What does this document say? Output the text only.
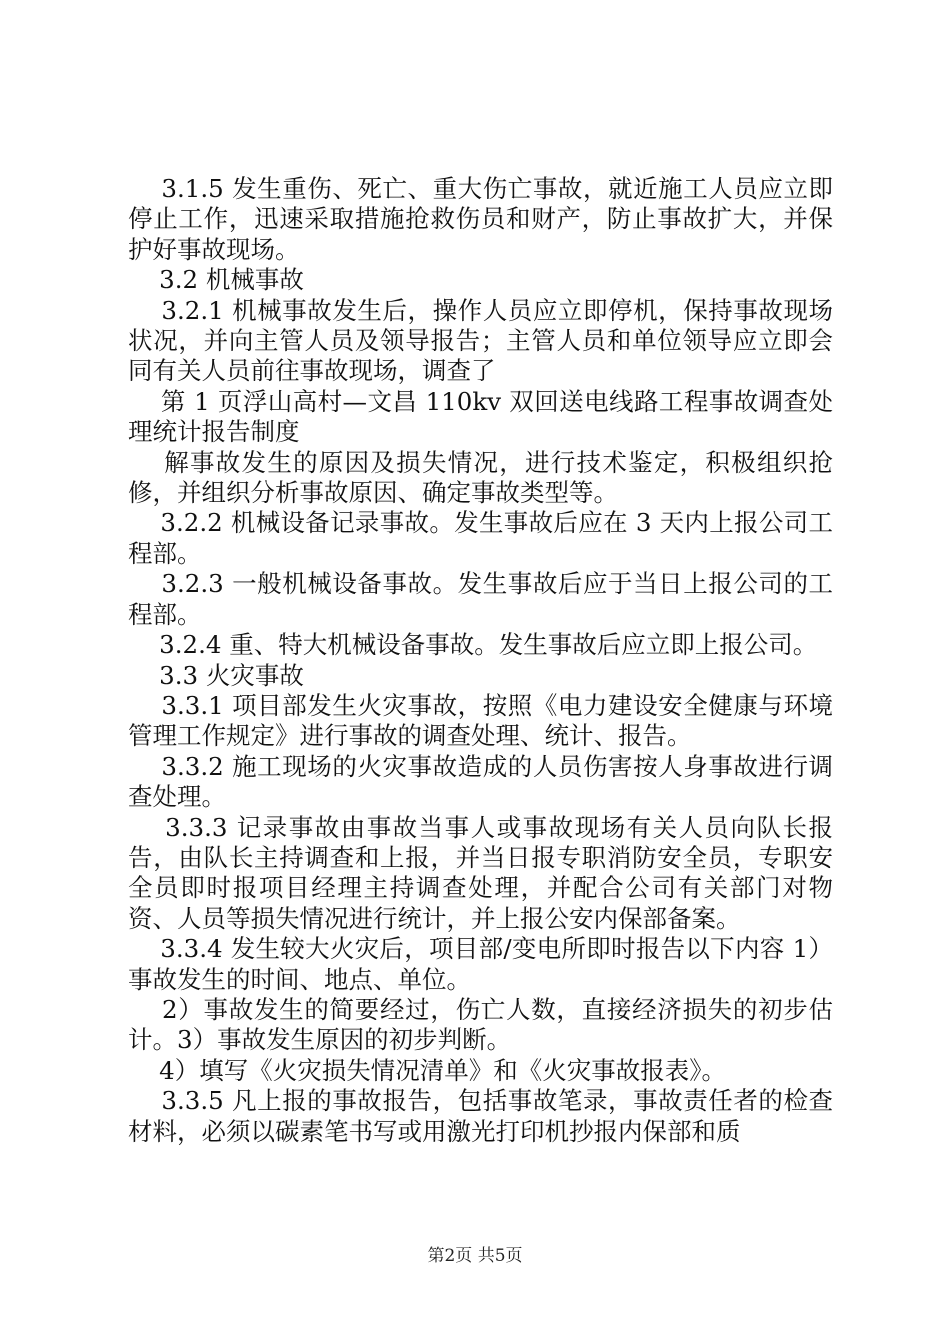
3.1.5 发生重伤、死亡、重大伤亡事故，就近施工人员应立即停止工作，迅速采取措施抢救伤员和财产，防止事故扩大，并保护好事故现场。

3.2 机械事故

3.2.1 机械事故发生后，操作人员应立即停机，保持事故现场状况，并向主管人员及领导报告；主管人员和单位领导应立即会同有关人员前往事故现场，调查了

第 1 页浮山高村—文昌 110kv 双回送电线路工程事故调查处理统计报告制度

解事故发生的原因及损失情况，进行技术鉴定，积极组织抢修，并组织分析事故原因、确定事故类型等。

3.2.2 机械设备记录事故。发生事故后应在 3 天内上报公司工程部。

3.2.3 一般机械设备事故。发生事故后应于当日上报公司的工程部。

3.2.4 重、特大机械设备事故。发生事故后应立即上报公司。

3.3 火灾事故

3.3.1 项目部发生火灾事故，按照《电力建设安全健康与环境管理工作规定》进行事故的调查处理、统计、报告。

3.3.2 施工现场的火灾事故造成的人员伤害按人身事故进行调查处理。

3.3.3 记录事故由事故当事人或事故现场有关人员向队长报告，由队长主持调查和上报，并当日报专职消防安全员，专职安全员即时报项目经理主持调查处理，并配合公司有关部门对物资、人员等损失情况进行统计，并上报公安内保部备案。

3.3.4 发生较大火灾后，项目部/变电所即时报告以下内容 1）事故发生的时间、地点、单位。

2）事故发生的简要经过，伤亡人数，直接经济损失的初步估计。3）事故发生原因的初步判断。

4）填写《火灾损失情况清单》和《火灾事故报表》。

3.3.5 凡上报的事故报告，包括事故笔录，事故责任者的检查材料，必须以碳素笔书写或用激光打印机抄报内保部和质

第2页 共5页
